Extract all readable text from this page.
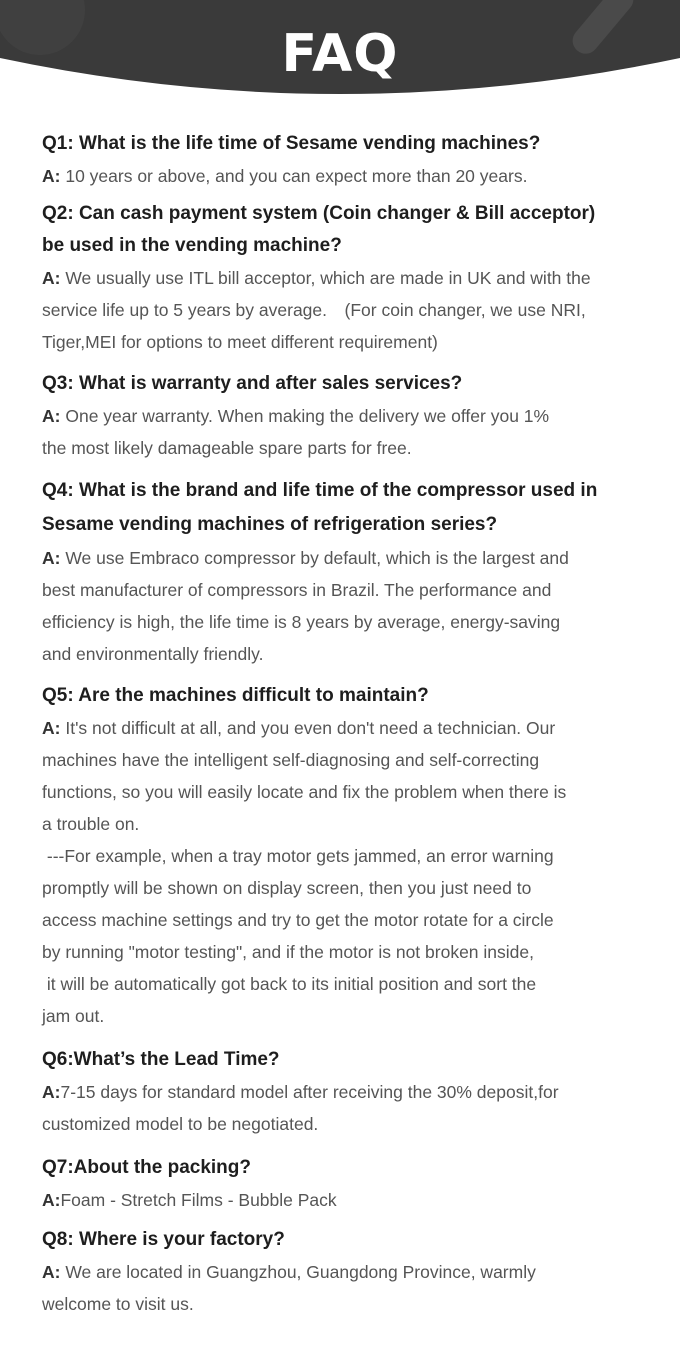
FAQ

Q1: What is the life time of Sesame vending machines?

A: 10 years or above, and you can expect more than 20 years.

Q2: Can cash payment system (Coin changer & Bill acceptor)
be used in the vending machine?

A: We usually use ITL bill acceptor, which are made in UK and with the
service life up to 5 years by average.　(For coin changer, we use NRI,
Tiger,MEI for options to meet different requirement)

Q3: What is warranty and after sales services?

A: One year warranty. When making the delivery we offer you 1%
the most likely damageable spare parts for free.

Q4: What is the brand and life time of the compressor used in
Sesame vending machines of refrigeration series?

A: We use Embraco compressor by default, which is the largest and
best manufacturer of compressors in Brazil. The performance and
efficiency is high, the life time is 8 years by average, energy-saving
and environmentally friendly.

Q5: Are the machines difficult to maintain?

A: It's not difficult at all, and you even don't need a technician. Our
machines have the intelligent self-diagnosing and self-correcting
functions, so you will easily locate and fix the problem when there is
a trouble on.
---For example, when a tray motor gets jammed, an error warning
promptly will be shown on display screen, then you just need to
access machine settings and try to get the motor rotate for a circle
by running "motor testing", and if the motor is not broken inside,
it will be automatically got back to its initial position and sort the
jam out.

Q6:What’s the Lead Time?

A:7-15 days for standard model after receiving the 30% deposit,for
customized model to be negotiated.

Q7:About the packing?

A:Foam - Stretch Films - Bubble Pack

Q8: Where is your factory?

A: We are located in Guangzhou, Guangdong Province, warmly
welcome to visit us.
